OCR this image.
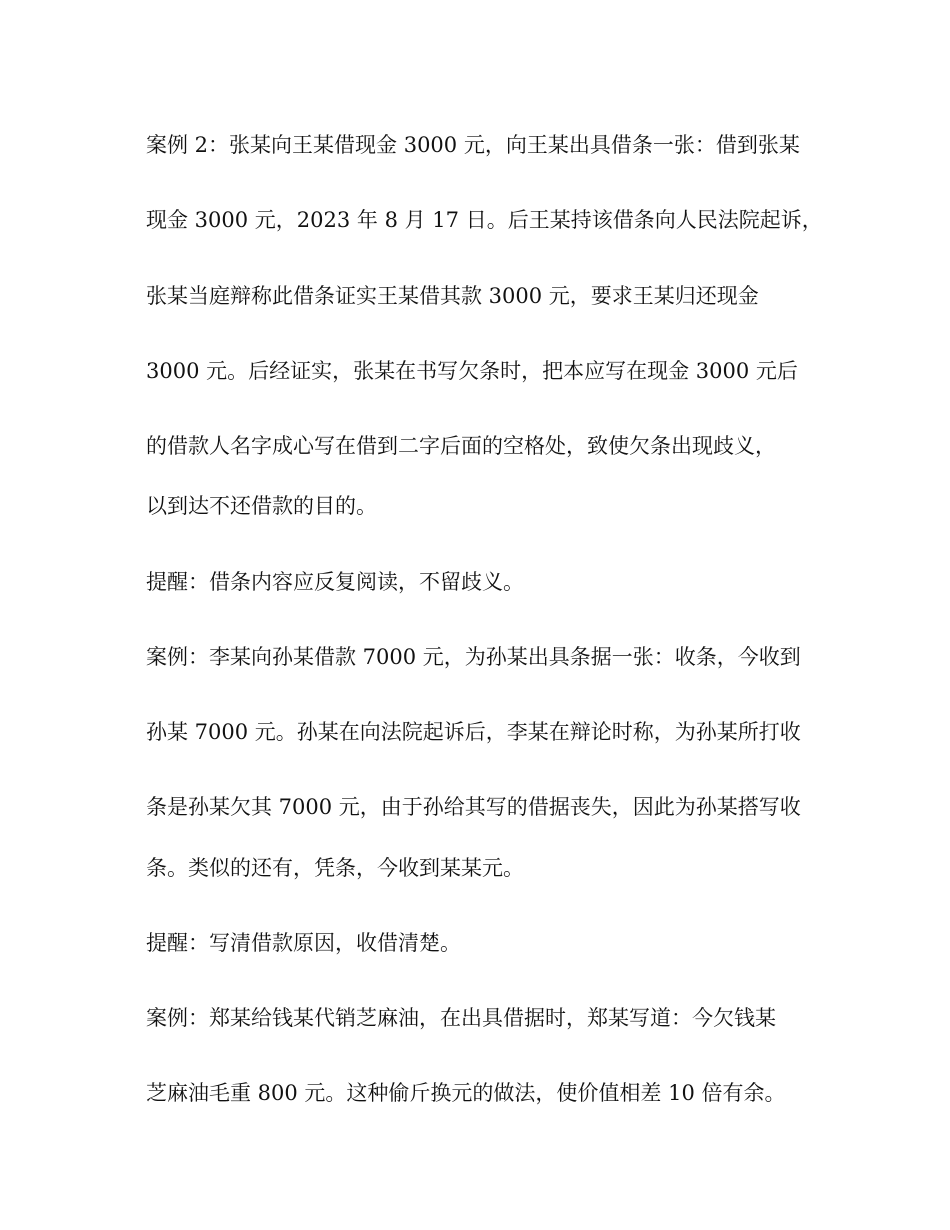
案例 2：张某向王某借现金 3000 元，向王某出具借条一张：借到张某
现金 3000 元，2023 年 8 月 17 日。后王某持该借条向人民法院起诉，
张某当庭辩称此借条证实王某借其款 3000 元，要求王某归还现金
3000 元。后经证实，张某在书写欠条时，把本应写在现金 3000 元后
的借款人名字成心写在借到二字后面的空格处，致使欠条出现歧义，
以到达不还借款的目的。
提醒：借条内容应反复阅读，不留歧义。
案例：李某向孙某借款 7000 元，为孙某出具条据一张：收条，今收到
孙某 7000 元。孙某在向法院起诉后，李某在辩论时称，为孙某所打收
条是孙某欠其 7000 元，由于孙给其写的借据丧失，因此为孙某搭写收
条。类似的还有，凭条，今收到某某元。
提醒：写清借款原因，收借清楚。
案例：郑某给钱某代销芝麻油，在出具借据时，郑某写道：今欠钱某
芝麻油毛重 800 元。这种偷斤换元的做法，使价值相差 10 倍有余。
